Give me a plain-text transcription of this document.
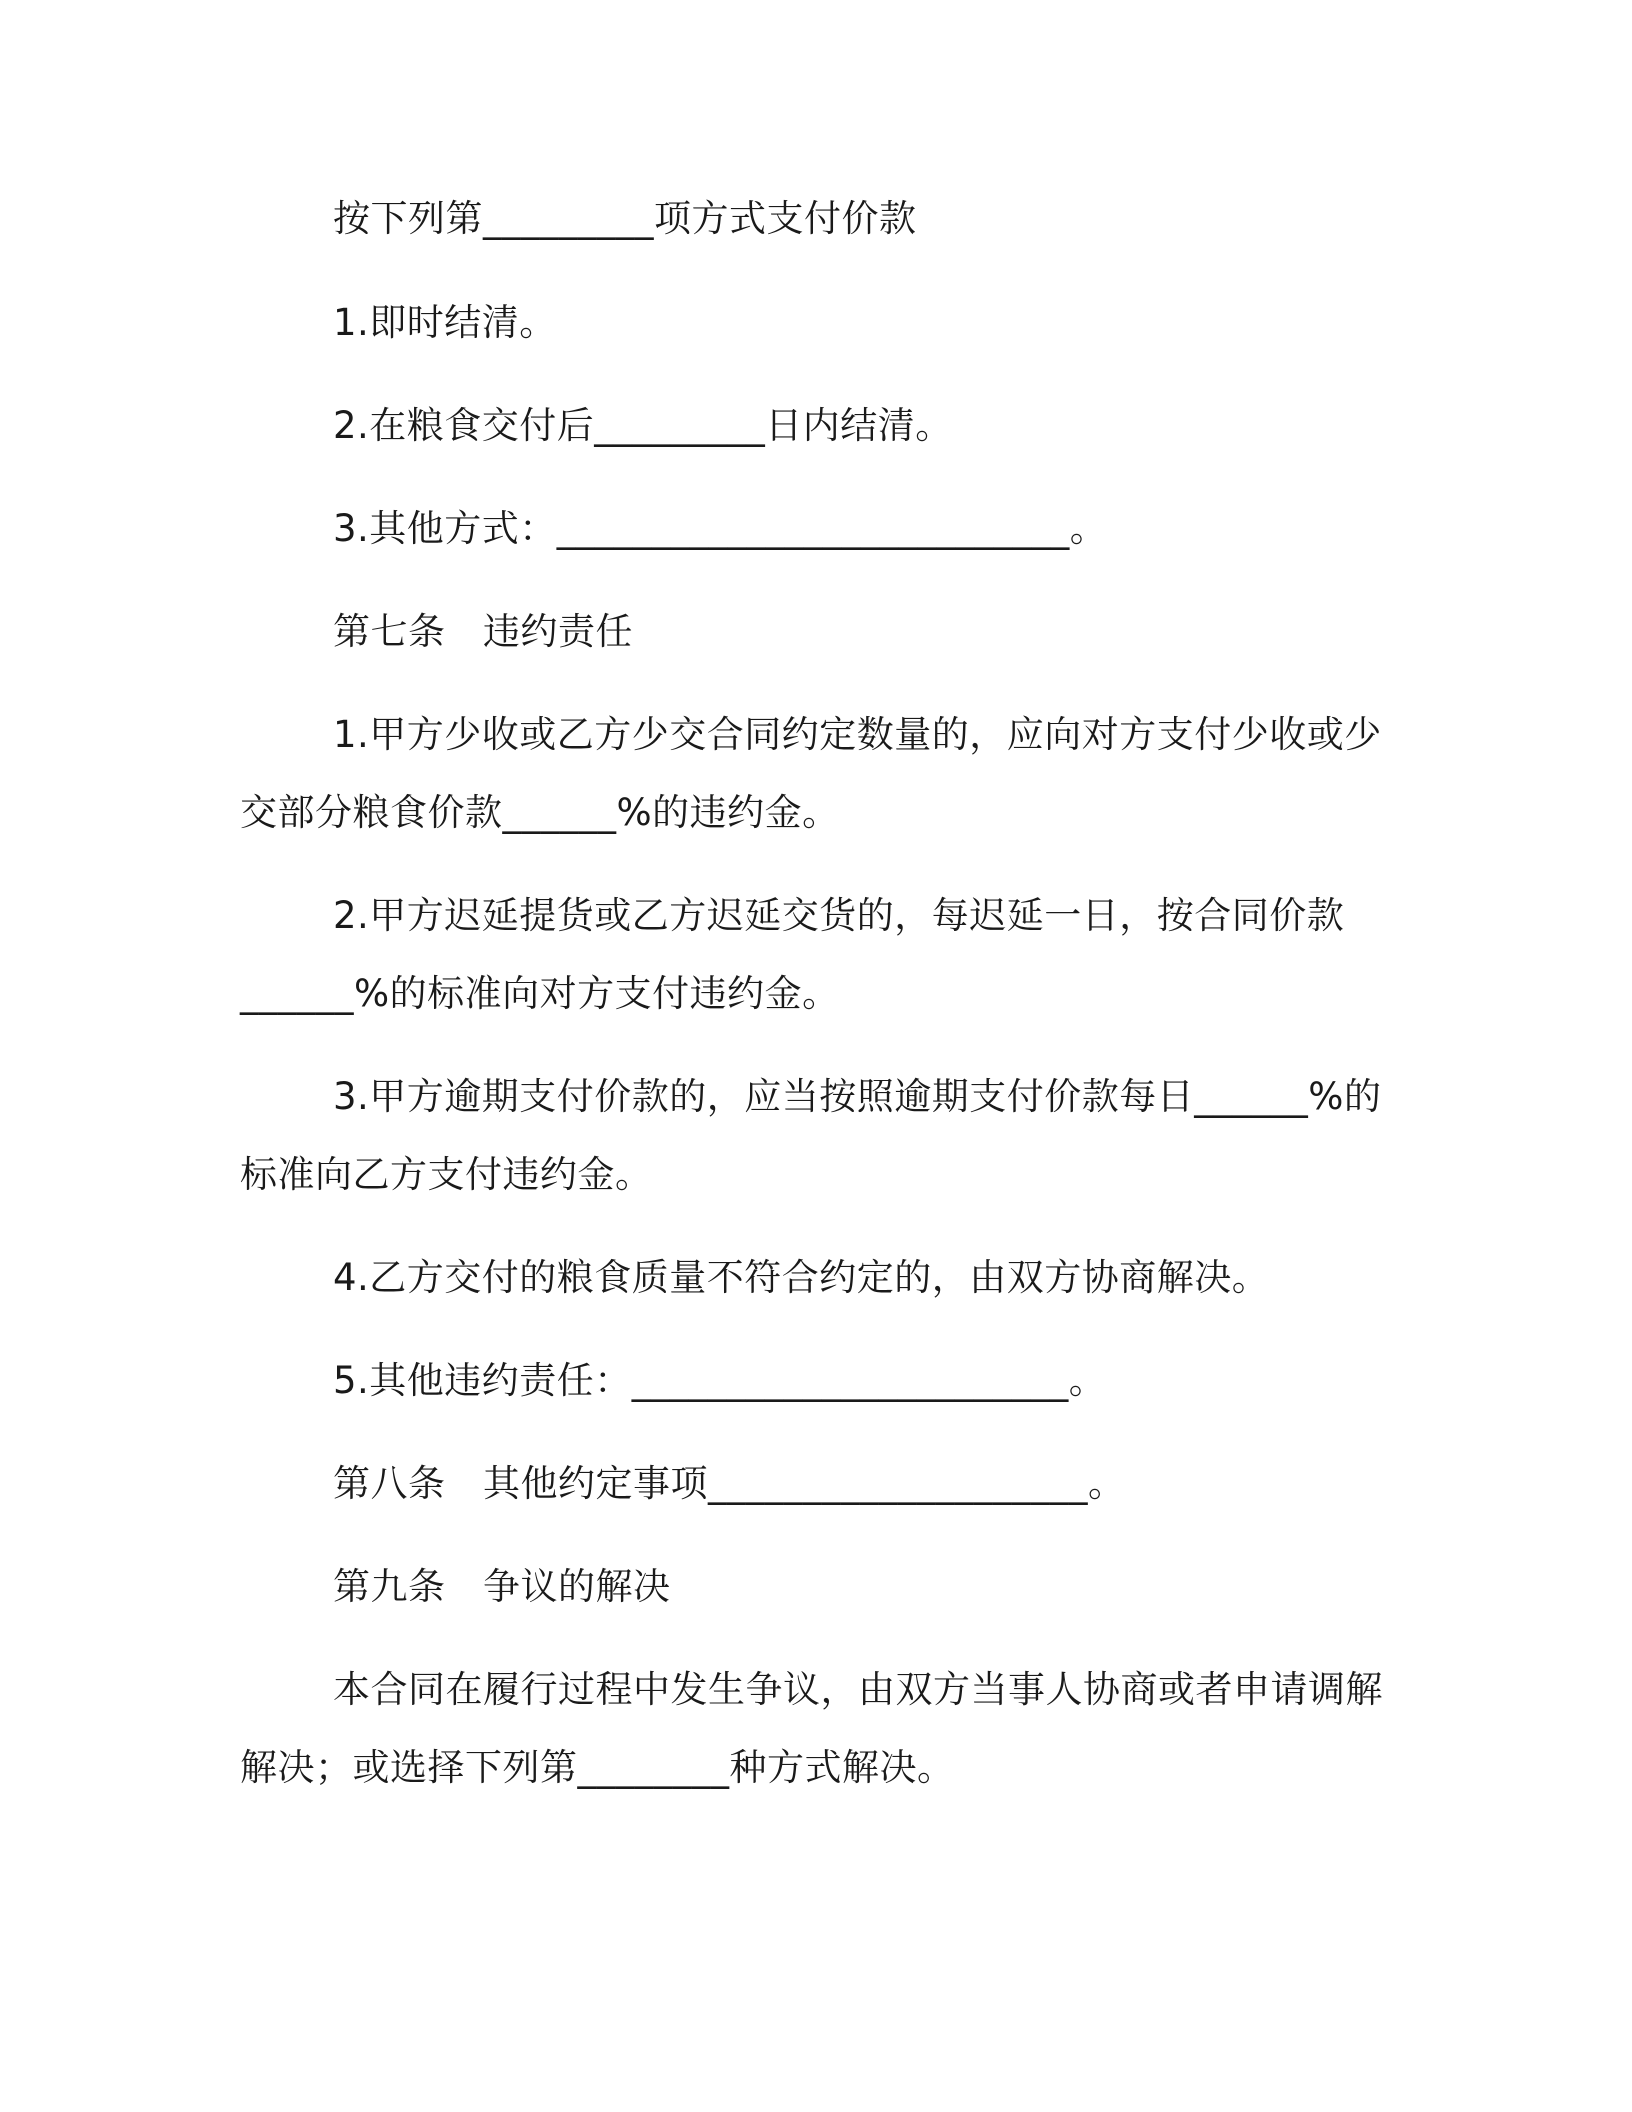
按下列第_________项方式支付价款

1.即时结清。

2.在粮食交付后_________日内结清。

3.其他方式：___________________________。

第七条　违约责任

1.甲方少收或乙方少交合同约定数量的，应向对方支付少收或少

交部分粮食价款______%的违约金。

2.甲方迟延提货或乙方迟延交货的，每迟延一日，按合同价款

______%的标准向对方支付违约金。

3.甲方逾期支付价款的，应当按照逾期支付价款每日______%的

标准向乙方支付违约金。

4.乙方交付的粮食质量不符合约定的，由双方协商解决。

5.其他违约责任：_______________________。

第八条　其他约定事项____________________。

第九条　争议的解决

本合同在履行过程中发生争议，由双方当事人协商或者申请调解

解决；或选择下列第________种方式解决。
